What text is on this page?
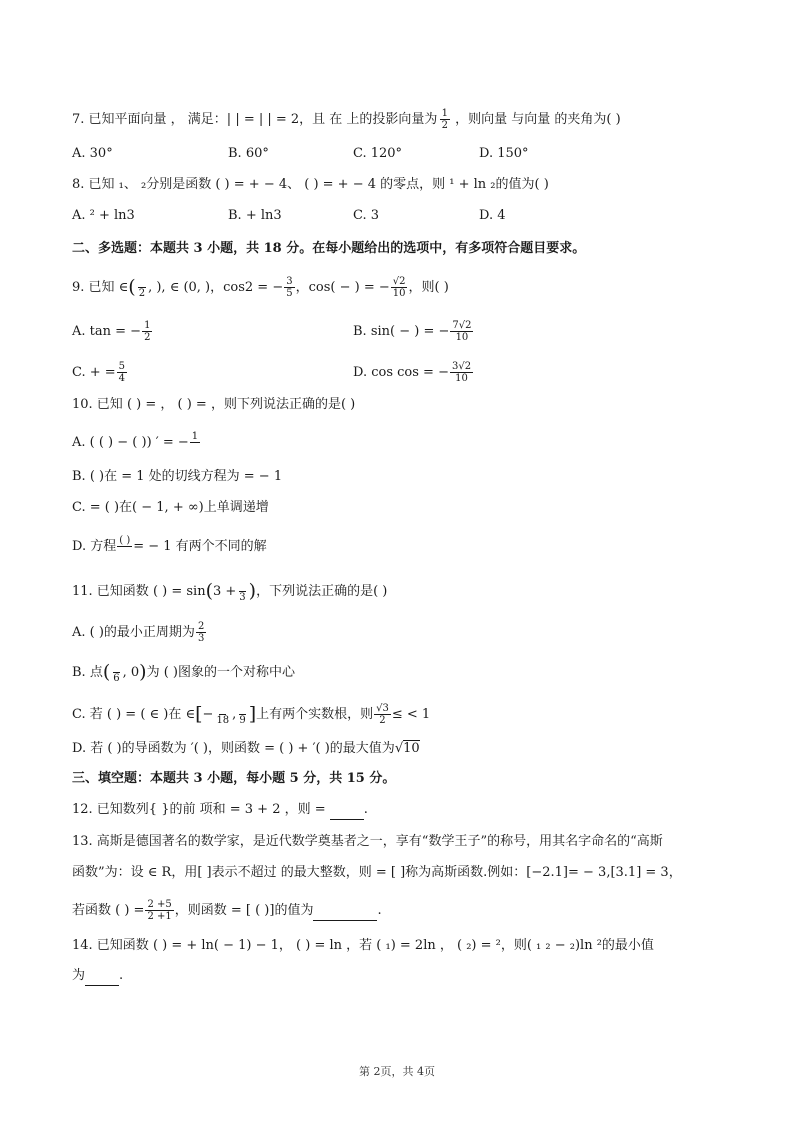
7. 已知平面向量 ， 满足：| | = | | = 2，且 在 上的投影向量为 $\frac{1}{2}$ ，则向量 与向量 的夹角为( )
A. 30°	B. 60°	C. 120°	D. 150°
8. 已知 ₁、 ₂分别是函数 ( ) = + − 4、 ( ) = + − 4 的零点，则 ¹ + ln ₂的值为( )
A. ² + ln3	B. + ln3	C. 3	D. 4
二、多选题：本题共 3 小题，共 18 分。在每小题给出的选项中，有多项符合题目要求。
9. 已知 ∈(
2 , ), ∈ (0, )，cos2 = − $\frac{3}{5}$ ，cos( − ) = − $\frac{√2}{10}$ ，则( )
A. tan = − $\frac{1}{2}$	B. sin( − ) = − $\frac{7√2}{10}$
C. + = $\frac{5}{4}$	D. cos cos = − $\frac{3√2}{10}$
10. 已知 ( ) = ， ( ) = ，则下列说法正确的是( )
A. ( ( ) − ( )) ′ = − 1

B. ( )在 = 1 处的切线方程为 = − 1
C. = ( )在( − 1, + ∞)上单调递增
D. 方程 ( )
= − 1 有两个不同的解
11. 已知函数 ( ) = sin(3 +
3 )，下列说法正确的是( )
A. ( )的最小正周期为 $\frac{2}{3}$
B. 点(
6 , 0)为 ( )图象的一个对称中心
C. 若 ( ) = ( ∈ )在 ∈[−
18 ,
9 ]上有两个实数根，则 $\frac{√3}{2}$ ≤ < 1
D. 若 ( )的导函数为 ′( )，则函数 = ( ) + ′( )的最大值为√10
三、填空题：本题共 3 小题，每小题 5 分，共 15 分。
12. 已知数列{ }的前 项和 = 3 + 2 ，则 =	.
13. 高斯是德国著名的数学家，是近代数学奠基者之一，享有“数学王子”的称号，用其名字命名的“高斯
函数”为：设 ∈ R，用[ ]表示不超过 的最大整数，则 = [ ]称为高斯函数.例如：[−2.1]= − 3,[3.1] = 3，
若函数 ( ) = $\frac{2 +5}{2 +1}$ ，则函数 = [ ( )]的值为	.
14. 已知函数 ( ) = + ln( − 1) − 1， ( ) = ln ，若 ( ₁) = 2ln ， ( ₂) = ²，则( ₁ ₂ − ₂)ln ²的最小值
为	.
第 2页，共 4页
